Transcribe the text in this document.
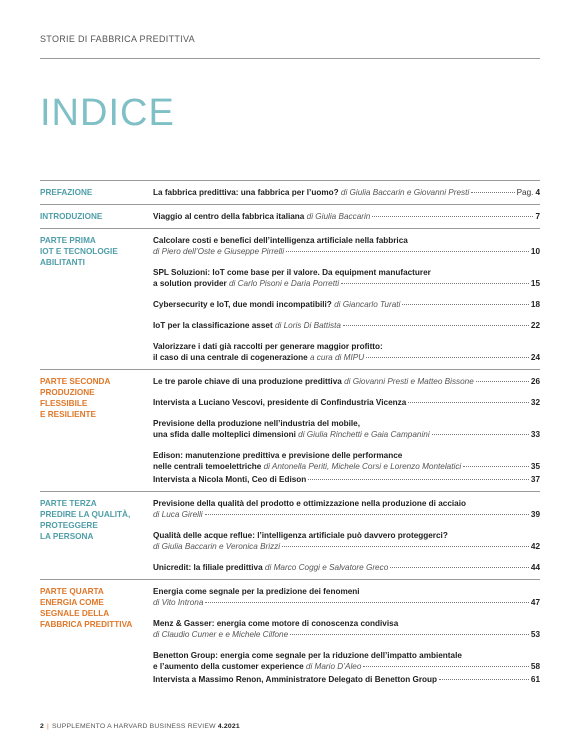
STORIE DI FABBRICA PREDITTIVA
INDICE
PREFAZIONE	La fabbrica predittiva: una fabbrica per l’uomo? di Giulia Baccarin e Giovanni Presti	Pag. 4
INTRODUZIONE	Viaggio al centro della fabbrica italiana di Giulia Baccarin	7
PARTE PRIMA
IOT E TECNOLOGIE
ABILITANTI
Calcolare costi e benefici dell’intelligenza artificiale nella fabbrica
di Piero dell’Oste e Giuseppe Pirrelli	10
SPL Soluzioni: IoT come base per il valore. Da equipment manufacturer
a solution provider di Carlo Pisoni e Daria Porretti	15
Cybersecurity e IoT, due mondi incompatibili? di Giancarlo Turati	18
IoT per la classificazione asset di Loris Di Battista	22
Valorizzare i dati già raccolti per generare maggior profitto:
il caso di una centrale di cogenerazione a cura di MIPU	24
PARTE SECONDA
PRODUZIONE
FLESSIBILE
E RESILIENTE
Le tre parole chiave di una produzione predittiva di Giovanni Presti e Matteo Bissone	26
Intervista a Luciano Vescovi, presidente di Confindustria Vicenza	32
Previsione della produzione nell’industria del mobile,
una sfida dalle molteplici dimensioni di Giulia Rinchetti e Gaia Campanini	33
Edison: manutenzione predittiva e previsione delle performance
nelle centrali temoelettriche di Antonella Periti, Michele Corsi e Lorenzo Montelatici	35
Intervista a Nicola Monti, Ceo di Edison	37
PARTE TERZA
PREDIRE LA QUALITÀ,
PROTEGGERE
LA PERSONA
Previsione della qualità del prodotto e ottimizzazione nella produzione di acciaio
di Luca Girelli	39
Qualità delle acque reflue: l’intelligenza artificiale può davvero proteggerci?
di Giulia Baccarin e Veronica Brizzi	42
Unicredit: la filiale predittiva di Marco Coggi e Salvatore Greco	44
PARTE QUARTA
ENERGIA COME
SEGNALE DELLA
FABBRICA PREDITTIVA
Energia come segnale per la predizione dei fenomeni
di Vito Introna	47
Menz & Gasser: energia come motore di conoscenza condivisa
di Claudio Cumer e e Michele Cilfone	53
Benetton Group: energia come segnale per la riduzione dell’impatto ambientale
e l’aumento della customer experience di Mario D’Aleo	58
Intervista a Massimo Renon, Amministratore Delegato di Benetton Group	61
2 | SUPPLEMENTO A HARVARD BUSINESS REVIEW 4.2021
